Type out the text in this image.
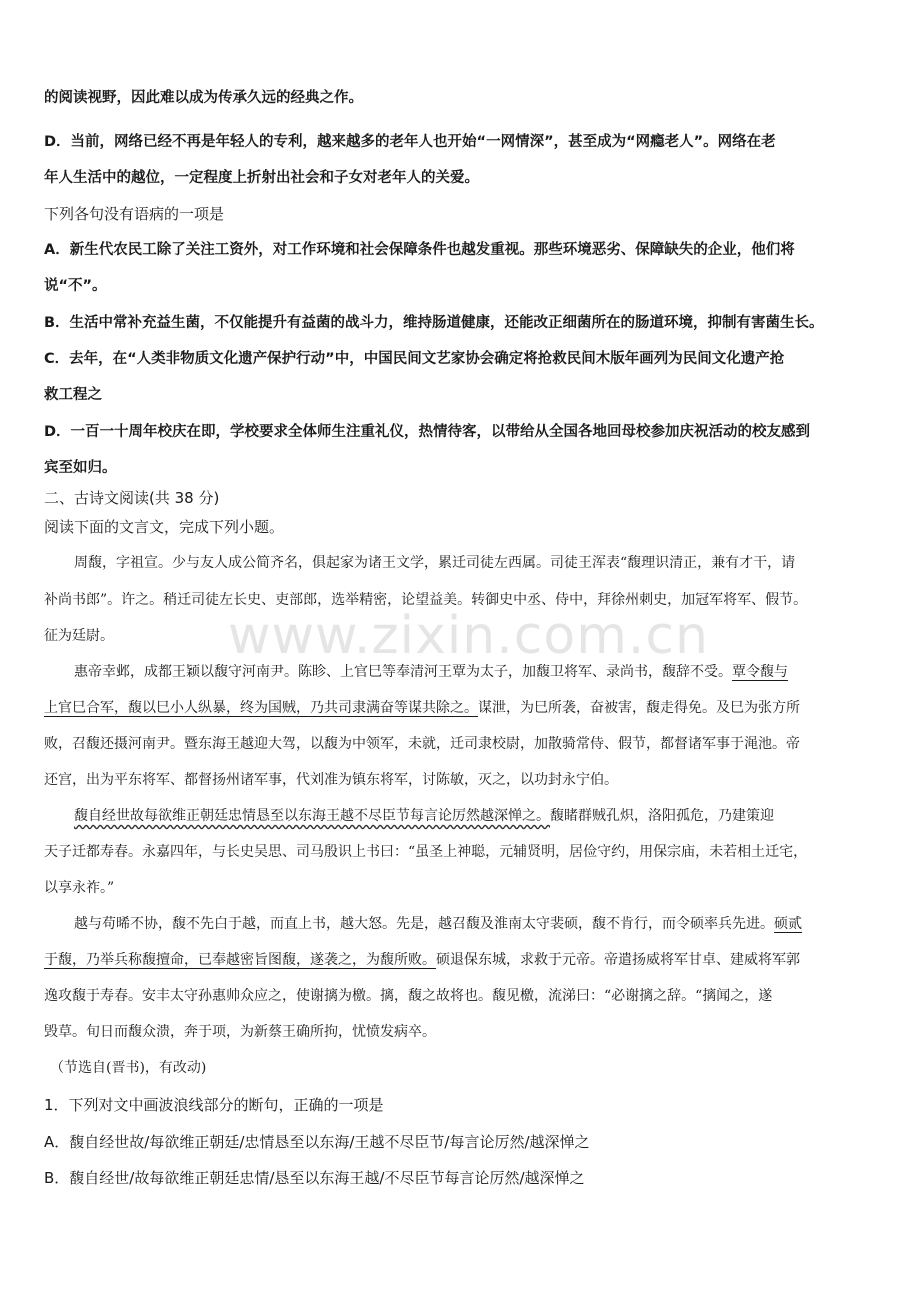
www.zixin.com.cn

的阅读视野，因此难以成为传承久远的经典之作。

D．当前，网络已经不再是年轻人的专利，越来越多的老年人也开始“一网情深”，甚至成为“网瘾老人”。网络在老

年人生活中的越位，一定程度上折射出社会和子女对老年人的关爱。

下列各句没有语病的一项是

A．新生代农民工除了关注工资外，对工作环境和社会保障条件也越发重视。那些环境恶劣、保障缺失的企业，他们将

说“不”。

B．生活中常补充益生菌，不仅能提升有益菌的战斗力，维持肠道健康，还能改正细菌所在的肠道环境，抑制有害菌生长。

C．去年，在“人类非物质文化遗产保护行动”中，中国民间文艺家协会确定将抢救民间木版年画列为民间文化遗产抢

救工程之

D．一百一十周年校庆在即，学校要求全体师生注重礼仪，热情待客，以带给从全国各地回母校参加庆祝活动的校友感到

宾至如归。

二、古诗文阅读(共 38 分)

阅读下面的文言文，完成下列小题。

周馥，字祖宣。少与友人成公简齐名，俱起家为诸王文学，累迁司徒左西属。司徒王浑表“馥理识清正，兼有才干，请

补尚书郎”。许之。稍迁司徒左长史、吏部郎，选举精密，论望益美。转御史中丞、侍中，拜徐州刺史，加冠军将军、假节。

征为廷尉。

惠帝幸邺，成都王颖以馥守河南尹。陈眕、上官巳等奉清河王覃为太子，加馥卫将军、录尚书，馥辞不受。覃令馥与

上官巳合军，馥以巳小人纵暴，终为国贼，乃共司隶满奋等谋共除之。谋泄，为巳所袭，奋被害，馥走得免。及巳为张方所

败，召馥还摄河南尹。暨东海王越迎大驾，以馥为中领军，未就，迁司隶校尉，加散骑常侍、假节，都督诸军事于渑池。帝

还宫，出为平东将军、都督扬州诸军事，代刘准为镇东将军，讨陈敏，灭之，以功封永宁伯。

馥自经世故每欲维正朝廷忠情恳至以东海王越不尽臣节每言论厉然越深惮之。馥睹群贼孔炽，洛阳孤危，乃建策迎

天子迁都寿春。永嘉四年，与长史吴思、司马殷识上书曰：“虽圣上神聪，元辅贤明，居俭守约，用保宗庙，未若相土迁宅，

以享永祚。”

越与苟晞不协，馥不先白于越，而直上书，越大怒。先是，越召馥及淮南太守裴硕，馥不肯行，而令硕率兵先进。硕贰

于馥，乃举兵称馥擅命，已奉越密旨图馥，遂袭之，为馥所败。硕退保东城，求救于元帝。帝遣扬威将军甘卓、建威将军郭

逸攻馥于寿春。安丰太守孙惠帅众应之，使谢摛为檄。摛，馥之故将也。馥见檄，流涕曰：“必谢摛之辞。“摛闻之，遂

毁草。旬日而馥众溃，奔于项，为新蔡王确所拘，忧愤发病卒。

（节选自(晋书)，有改动)

1．下列对文中画波浪线部分的断句，正确的一项是

A．馥自经世故/每欲维正朝廷/忠情恳至以东海/王越不尽臣节/每言论厉然/越深惮之

B．馥自经世/故每欲维正朝廷忠情/恳至以东海王越/不尽臣节每言论厉然/越深惮之
